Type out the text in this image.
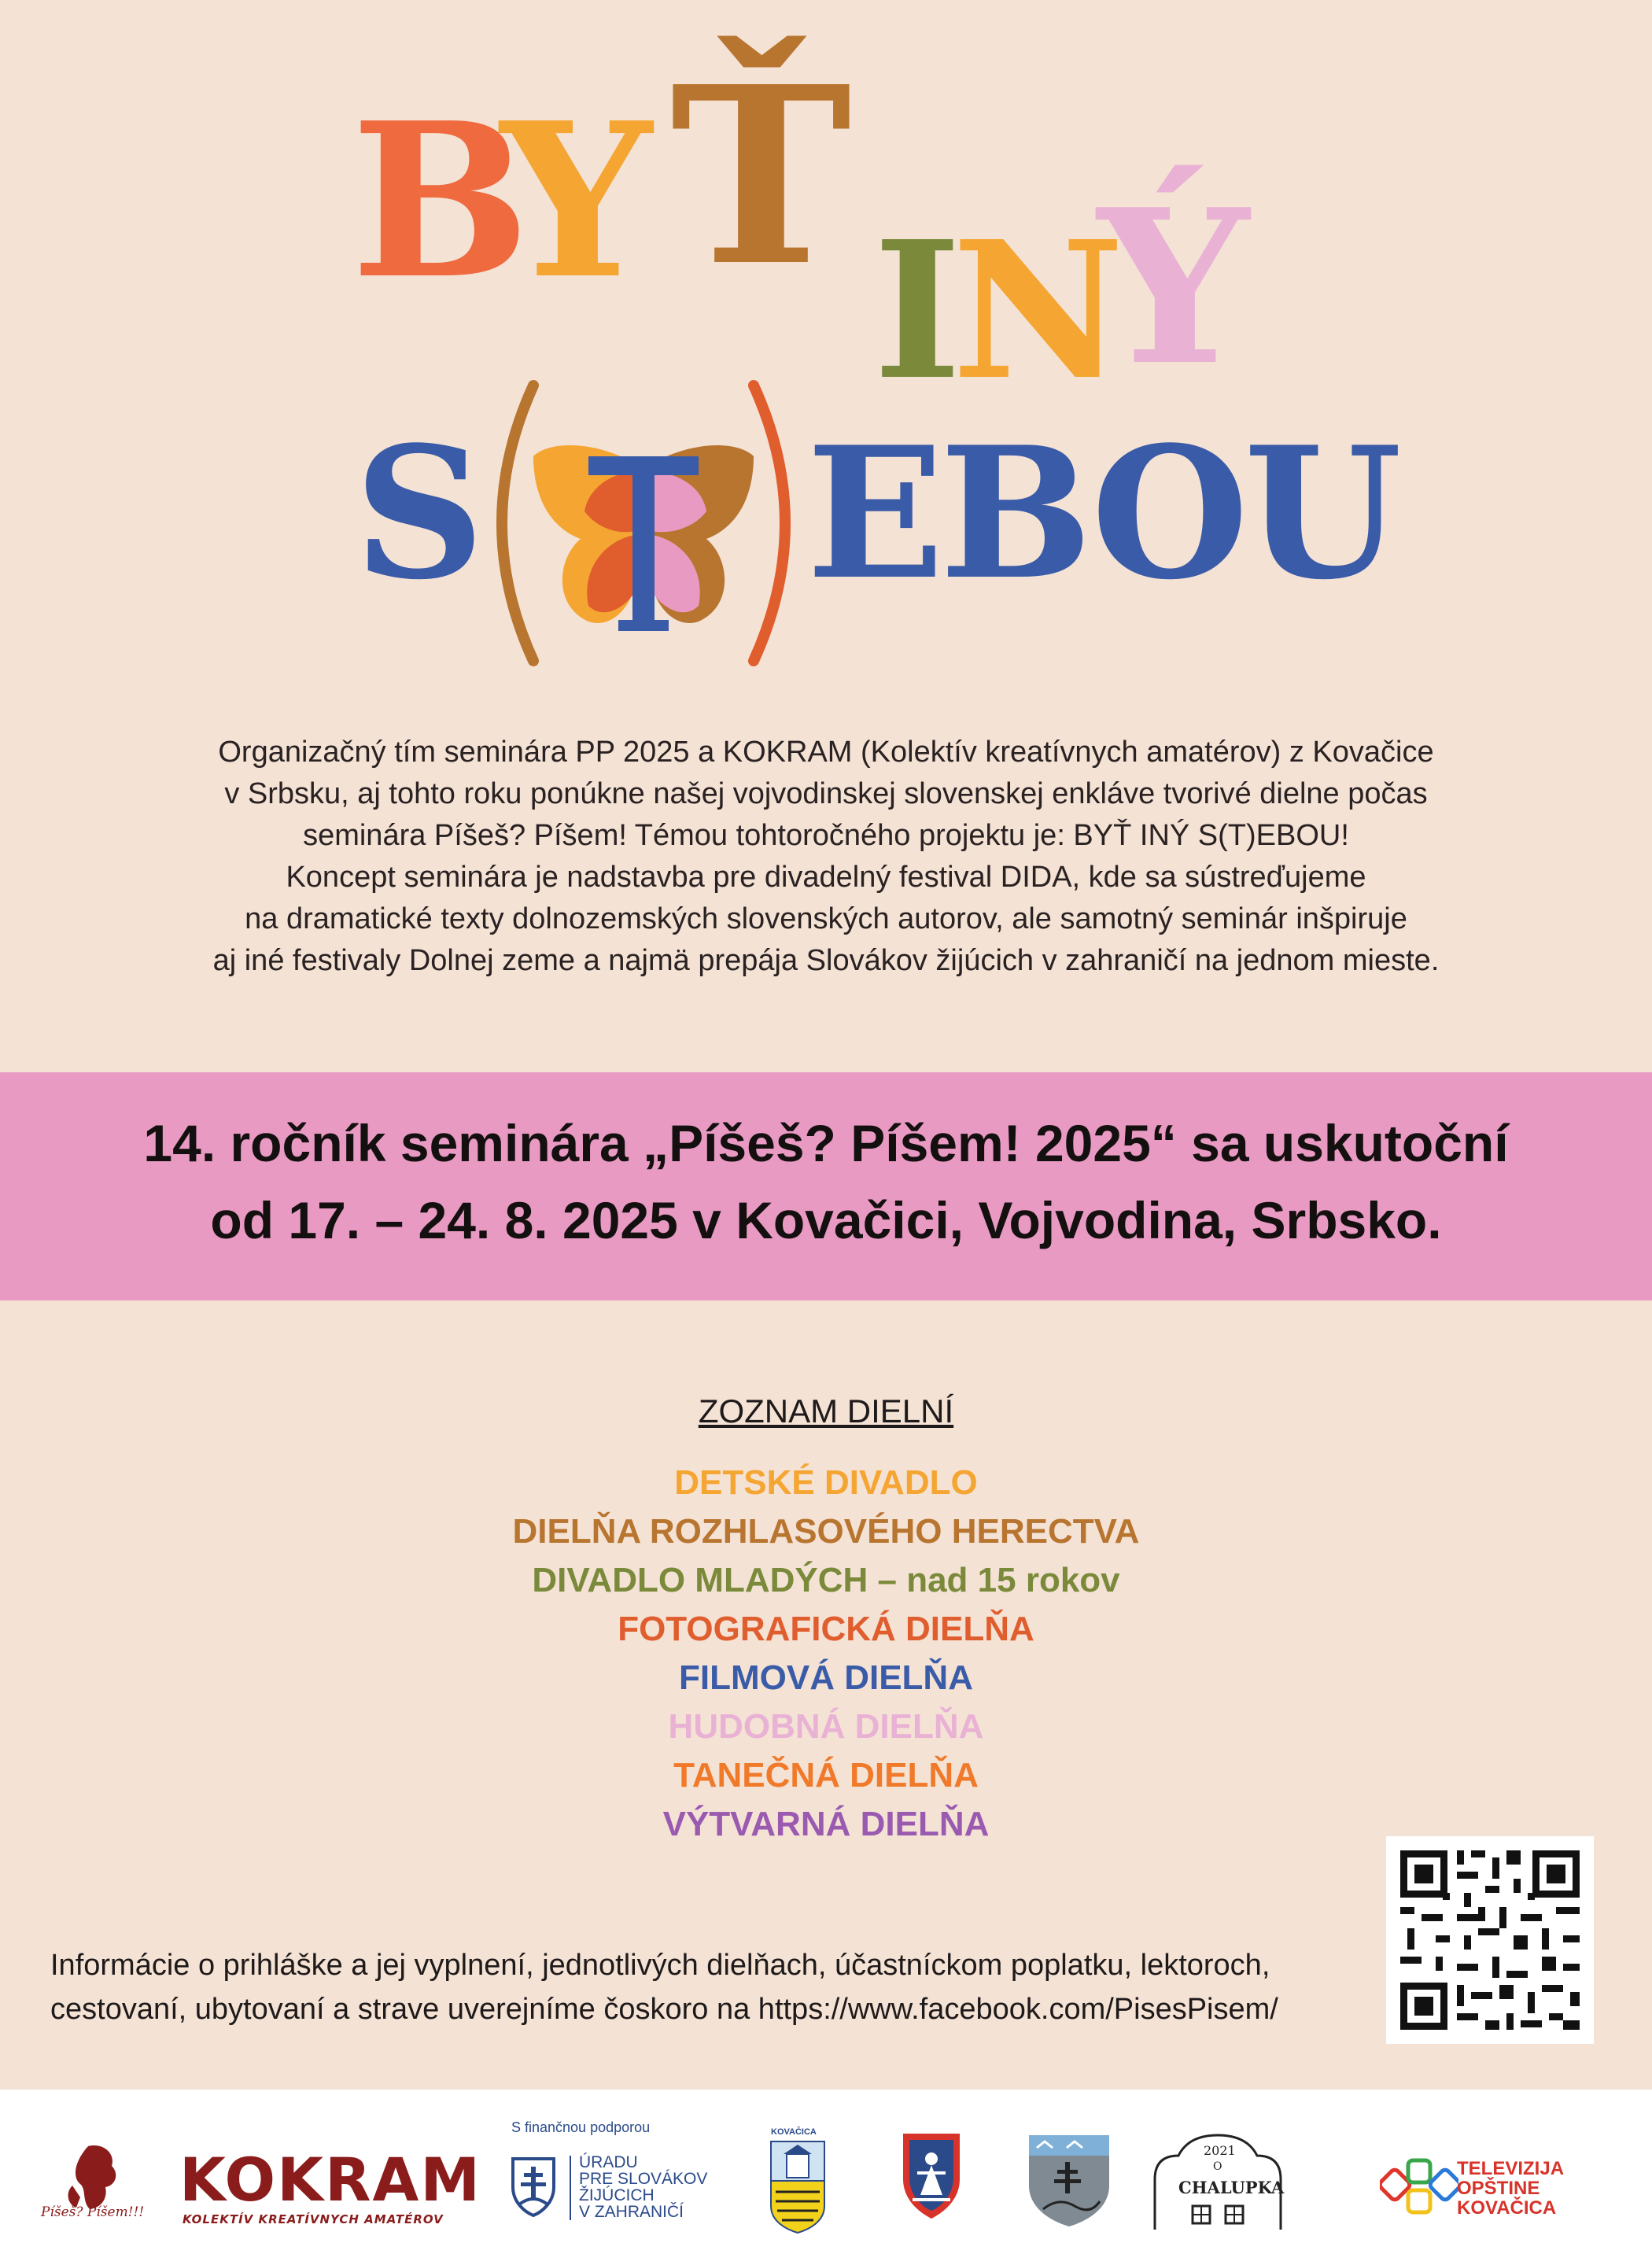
B
Y Ť I
N
Ý
S EBOU
Organizačný tím seminára PP 2025 a KOKRAM (Kolektív kreatívnych amatérov) z Kovačice
v Srbsku, aj tohto roku ponúkne našej vojvodinskej slovenskej enkláve tvorivé dielne počas
seminára Píšeš? Píšem! Témou tohtoročného projektu je: BYŤ INÝ S(T)EBOU!
Koncept seminára je nadstavba pre divadelný festival DIDA, kde sa sústreďujeme
na dramatické texty dolnozemských slovenských autorov, ale samotný seminár inšpiruje
aj iné festivaly Dolnej zeme a najmä prepája Slovákov žijúcich v zahraničí na jednom mieste.
14. ročník seminára „Píšeš? Píšem! 2025“ sa uskutoční
od 17. – 24. 8. 2025 v Kovačici, Vojvodina, Srbsko.
ZOZNAM DIELNÍ
DETSKÉ DIVADLO
DIELŇA ROZHLASOVÉHO HERECTVA
DIVADLO MLADÝCH – nad 15 rokov
FOTOGRAFICKÁ DIELŇA
FILMOVÁ DIELŇA
HUDOBNÁ DIELŇA
TANEČNÁ DIELŇA
VÝTVARNÁ DIELŇA
Informácie o prihláške a jej vyplnení, jednotlivých dielňach, účastníckom poplatku, lektoroch,
cestovaní, ubytovaní a strave uverejníme čoskoro na https://www.facebook.com/PisesPisem/
Píšeš? Píšem!!! KOKRAM
KOLEKTÍV KREATÍVNYCH AMATÉROV
S finančnou podporou
ÚRADU
PRE SLOVÁKOV
ŽIJÚCICH
V ZAHRANIČÍ
KOVAČICA
2021
O
CHALUPKA
TELEVIZIJA
OPŠTINE
KOVAČICA
